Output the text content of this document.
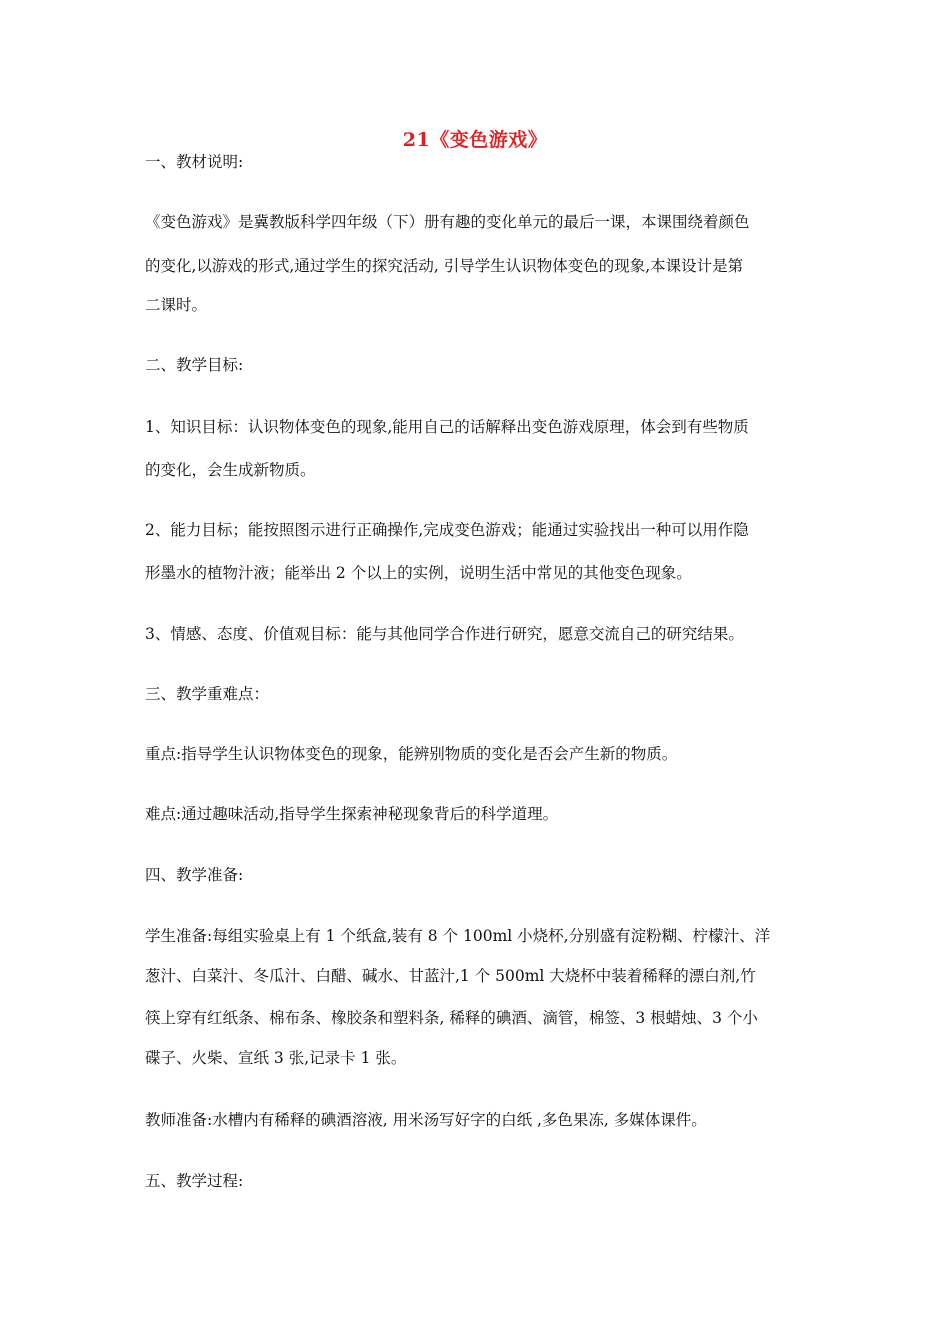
21《变色游戏》
一、教材说明:
《变色游戏》是冀教版科学四年级（下）册有趣的变化单元的最后一课，本课围绕着颜色
的变化,以游戏的形式,通过学生的探究活动, 引导学生认识物体变色的现象,本课设计是第
二课时。
二、教学目标:
1、知识目标：认识物体变色的现象,能用自己的话解释出变色游戏原理，体会到有些物质
的变化，会生成新物质。
2、能力目标；能按照图示进行正确操作,完成变色游戏；能通过实验找出一种可以用作隐
形墨水的植物汁液；能举出 2 个以上的实例，说明生活中常见的其他变色现象。
3、情感、态度、价值观目标：能与其他同学合作进行研究，愿意交流自己的研究结果。
三、教学重难点：
重点:指导学生认识物体变色的现象，能辨别物质的变化是否会产生新的物质。
难点:通过趣味活动,指导学生探索神秘现象背后的科学道理。
四、教学准备:
学生准备:每组实验桌上有 1 个纸盒,装有 8 个 100ml 小烧杯,分别盛有淀粉糊、柠檬汁、洋
葱汁、白菜汁、冬瓜汁、白醋、碱水、甘蓝汁,1 个 500ml 大烧杯中装着稀释的漂白剂,竹
筷上穿有红纸条、棉布条、橡胶条和塑料条, 稀释的碘酒、滴管，棉签、3 根蜡烛、3 个小
碟子、火柴、宣纸 3 张,记录卡 1 张。
教师准备:水槽内有稀释的碘酒溶液, 用米汤写好字的白纸 ,多色果冻, 多媒体课件。
五、教学过程:
